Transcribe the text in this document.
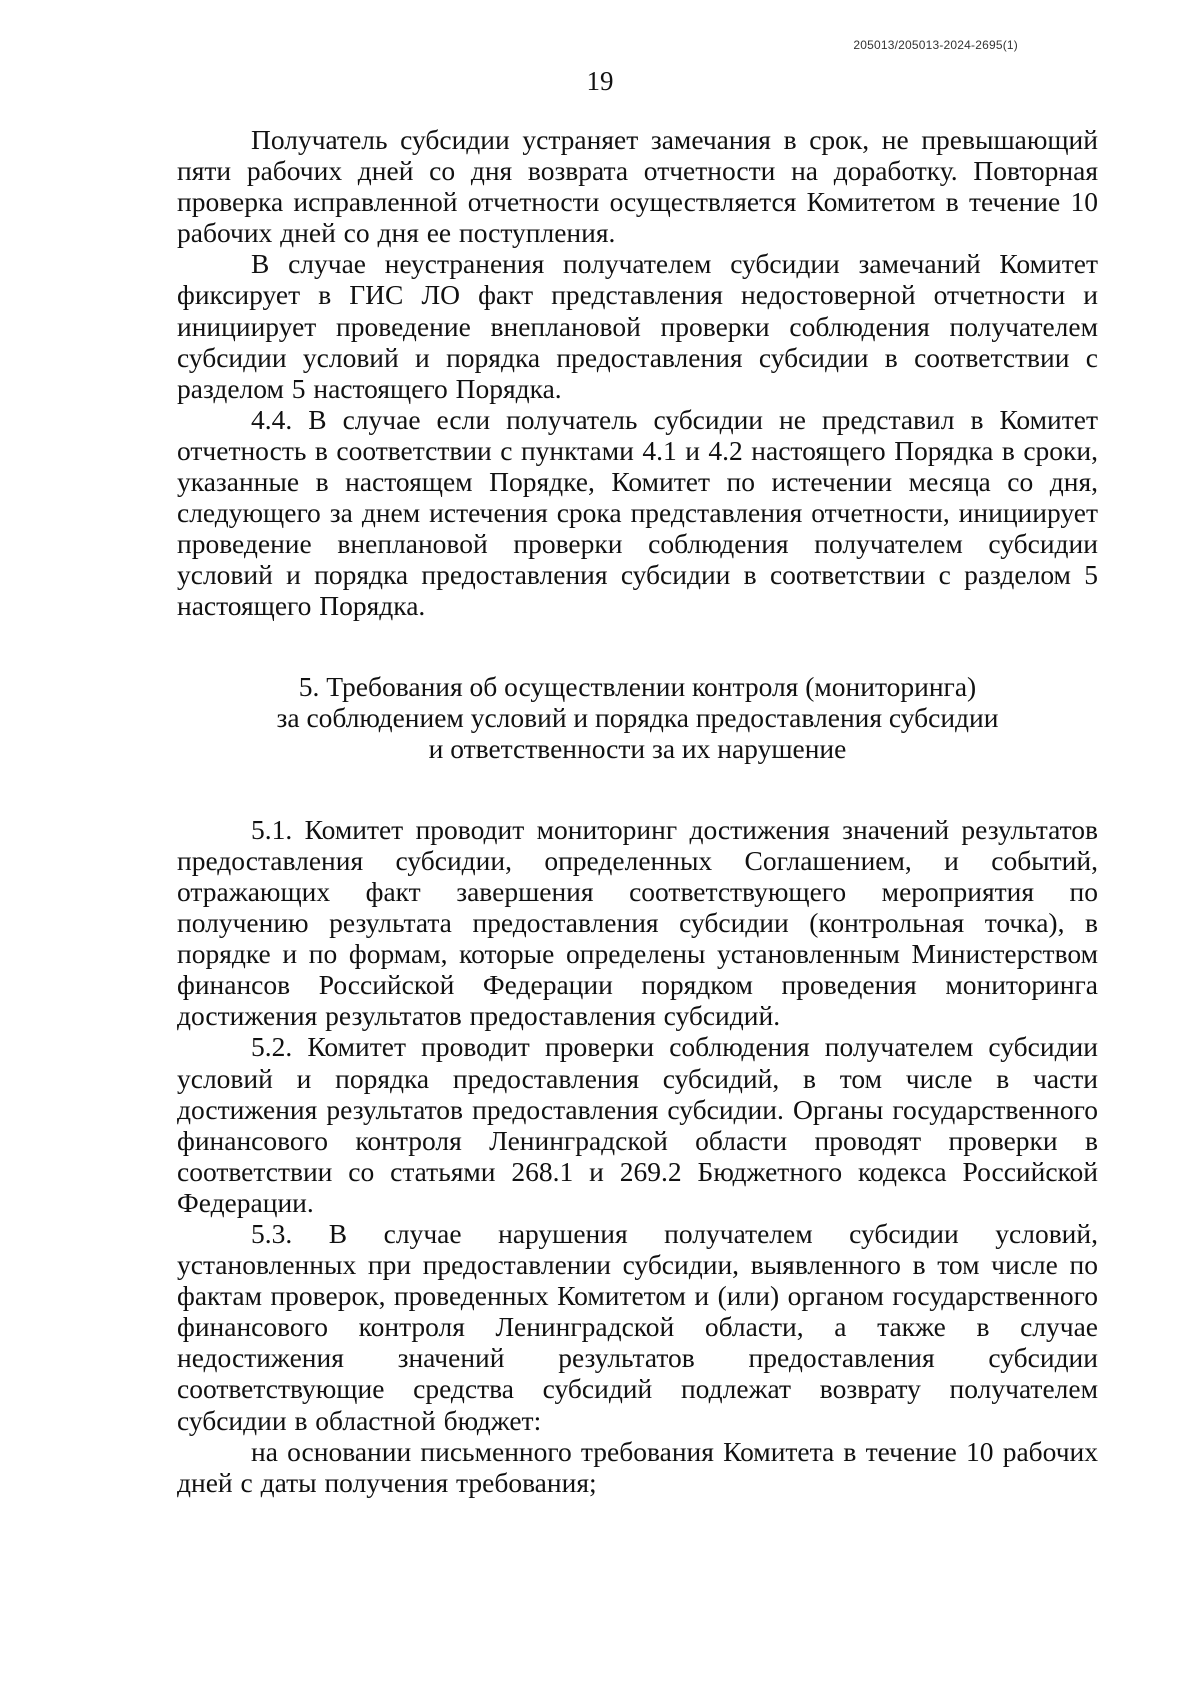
205013/205013-2024-2695(1)
19

Получатель субсидии устраняет замечания в срок, не превышающий пяти рабочих дней со дня возврата отчетности на доработку. Повторная проверка исправленной отчетности осуществляется Комитетом в течение 10 рабочих дней со дня ее поступления.

В случае неустранения получателем субсидии замечаний Комитет фиксирует в ГИС ЛО факт представления недостоверной отчетности и инициирует проведение внеплановой проверки соблюдения получателем субсидии условий и порядка предоставления субсидии в соответствии с разделом 5 настоящего Порядка.

4.4. В случае если получатель субсидии не представил в Комитет отчетность в соответствии с пунктами 4.1 и 4.2 настоящего Порядка в сроки, указанные в настоящем Порядке, Комитет по истечении месяца со дня, следующего за днем истечения срока представления отчетности, инициирует проведение внеплановой проверки соблюдения получателем субсидии условий и порядка предоставления субсидии в соответствии с разделом 5 настоящего Порядка.

5. Требования об осуществлении контроля (мониторинга)
за соблюдением условий и порядка предоставления субсидии
и ответственности за их нарушение

5.1. Комитет проводит мониторинг достижения значений результатов предоставления субсидии, определенных Соглашением, и событий, отражающих факт завершения соответствующего мероприятия по получению результата предоставления субсидии (контрольная точка), в порядке и по формам, которые определены установленным Министерством финансов Российской Федерации порядком проведения мониторинга достижения результатов предоставления субсидий.

5.2. Комитет проводит проверки соблюдения получателем субсидии условий и порядка предоставления субсидий, в том числе в части достижения результатов предоставления субсидии. Органы государственного финансового контроля Ленинградской области проводят проверки в соответствии со статьями 268.1 и 269.2 Бюджетного кодекса Российской Федерации.

5.3. В случае нарушения получателем субсидии условий, установленных при предоставлении субсидии, выявленного в том числе по фактам проверок, проведенных Комитетом и (или) органом государственного финансового контроля Ленинградской области, а также в случае недостижения значений результатов предоставления субсидии соответствующие средства субсидий подлежат возврату получателем субсидии в областной бюджет:

на основании письменного требования Комитета в течение 10 рабочих дней с даты получения требования;
